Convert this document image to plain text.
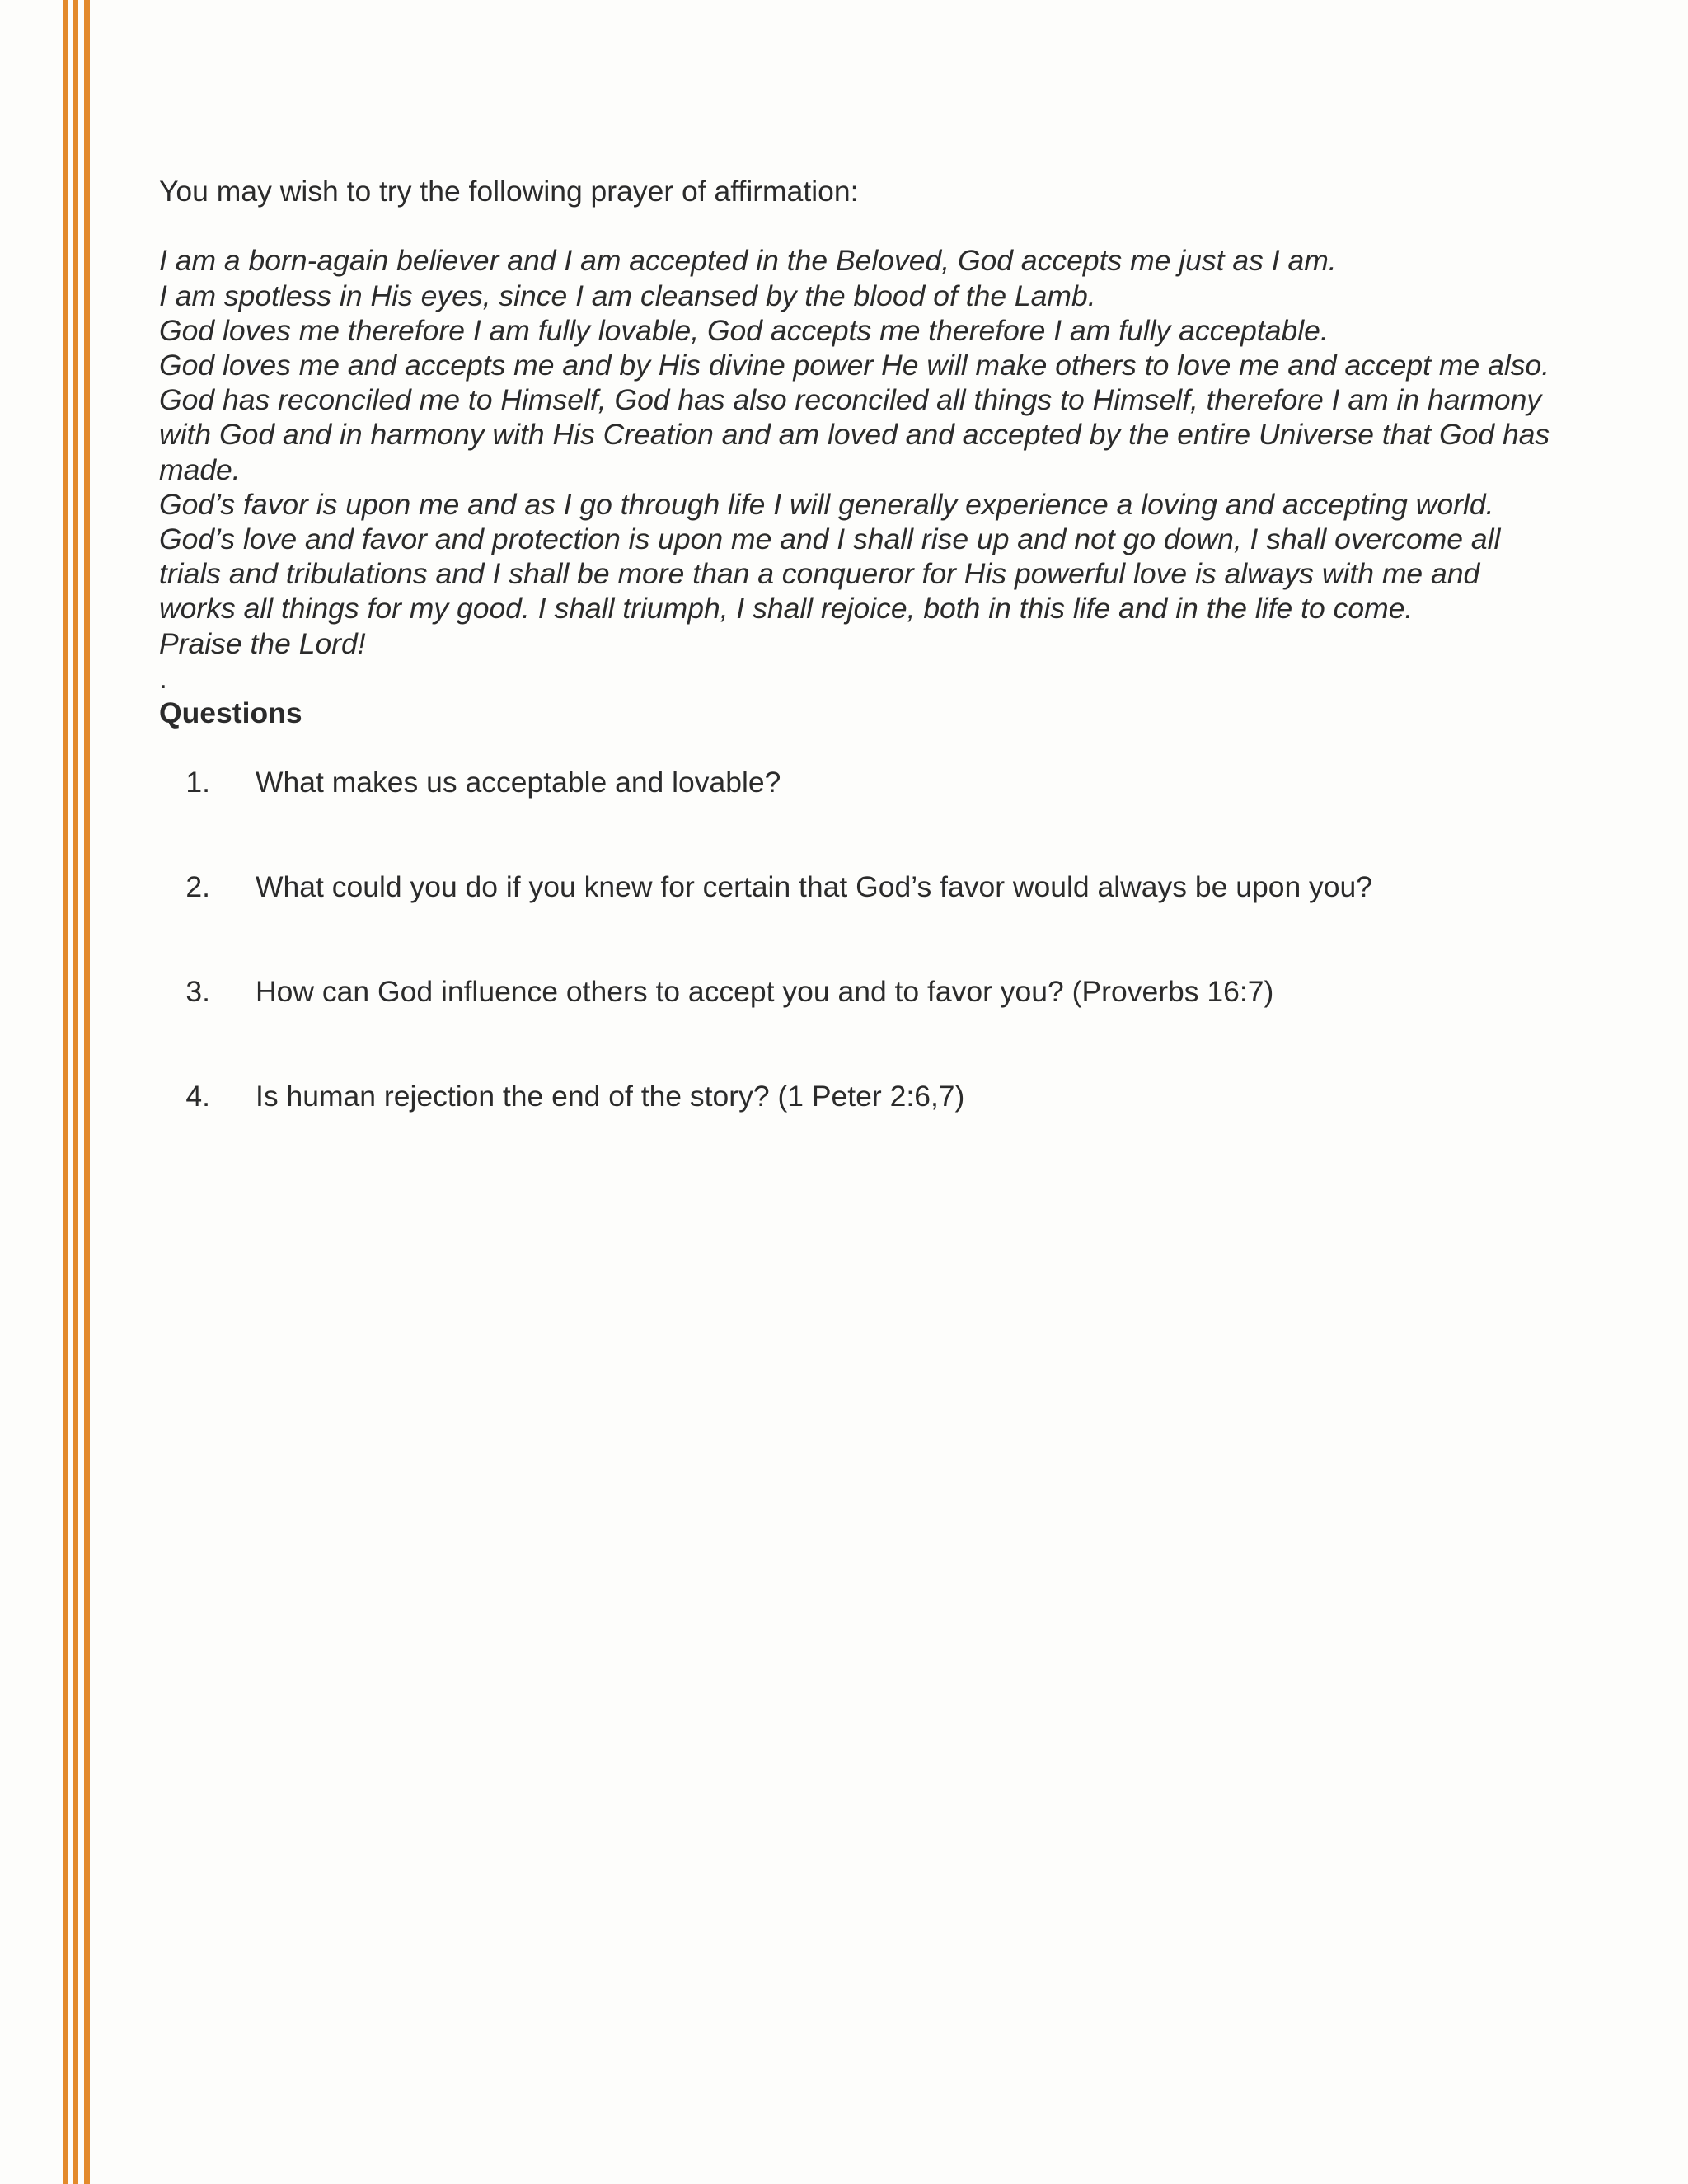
You may wish to try the following prayer of affirmation:

I am a born-again believer and I am accepted in the Beloved, God accepts me just as I am.

I am spotless in His eyes, since I am cleansed by the blood of the Lamb.

God loves me therefore I am fully lovable, God accepts me therefore I am fully acceptable.

God loves me and accepts me and by His divine power He will make others to love me and accept me also.

God has reconciled me to Himself, God has also reconciled all things to Himself, therefore I am in harmony with God and in harmony with His Creation and am loved and accepted by the entire Universe that God has made.

God’s favor is upon me and as I go through life I will generally experience a loving and accepting world.

God’s love and favor and protection is upon me and I shall rise up and not go down, I shall overcome all trials and tribulations and I shall be more than a conqueror for His powerful love is always with me and works all things for my good. I shall triumph, I shall rejoice, both in this life and in the life to come.

Praise the Lord!

.

Questions

1. What makes us acceptable and lovable?
2. What could you do if you knew for certain that God’s favor would always be upon you?
3. How can God influence others to accept you and to favor you? (Proverbs 16:7)
4. Is human rejection the end of the story? (1 Peter 2:6,7)
